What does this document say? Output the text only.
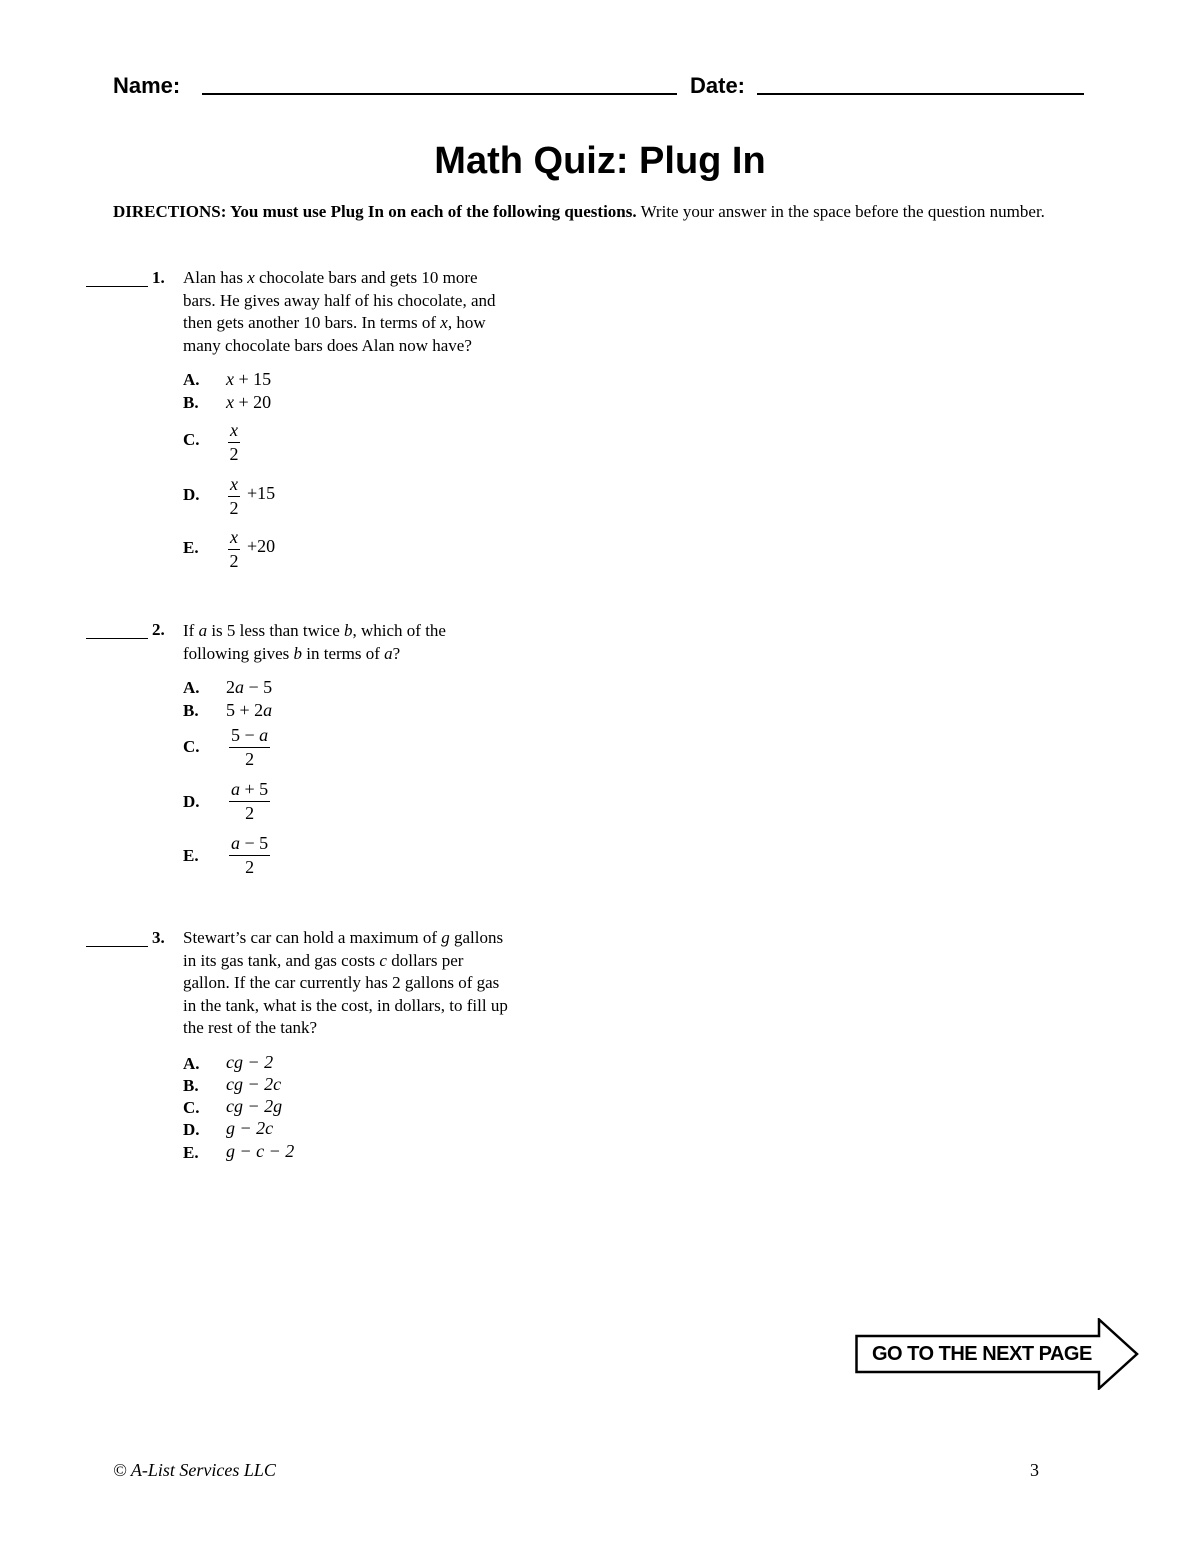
Name:	Date:
Math Quiz: Plug In
DIRECTIONS: You must use Plug In on each of the following questions. Write your answer in the space before the question number.
1. Alan has x chocolate bars and gets 10 more
bars. He gives away half of his chocolate, and
then gets another 10 bars. In terms of x, how
many chocolate bars does Alan now have?
A. x + 15
B. x + 20
C. $\frac{x}{2}$
D. $\frac{x}{2} +15$
E. $\frac{x}{2} +20$
2. If a is 5 less than twice b, which of the
following gives b in terms of a?
A. 2a − 5
B. 5 + 2a
C. $\frac{5 - a}{2}$
D. $\frac{a + 5}{2}$
E. $\frac{a - 5}{2}$
3. Stewart’s car can hold a maximum of g gallons
in its gas tank, and gas costs c dollars per
gallon. If the car currently has 2 gallons of gas
in the tank, what is the cost, in dollars, to fill up
the rest of the tank?
A. cg − 2
B. cg − 2c
C. cg − 2g
D. g − 2c
E. g − c − 2
GO TO THE NEXT PAGE
© A-List Services LLC	3
